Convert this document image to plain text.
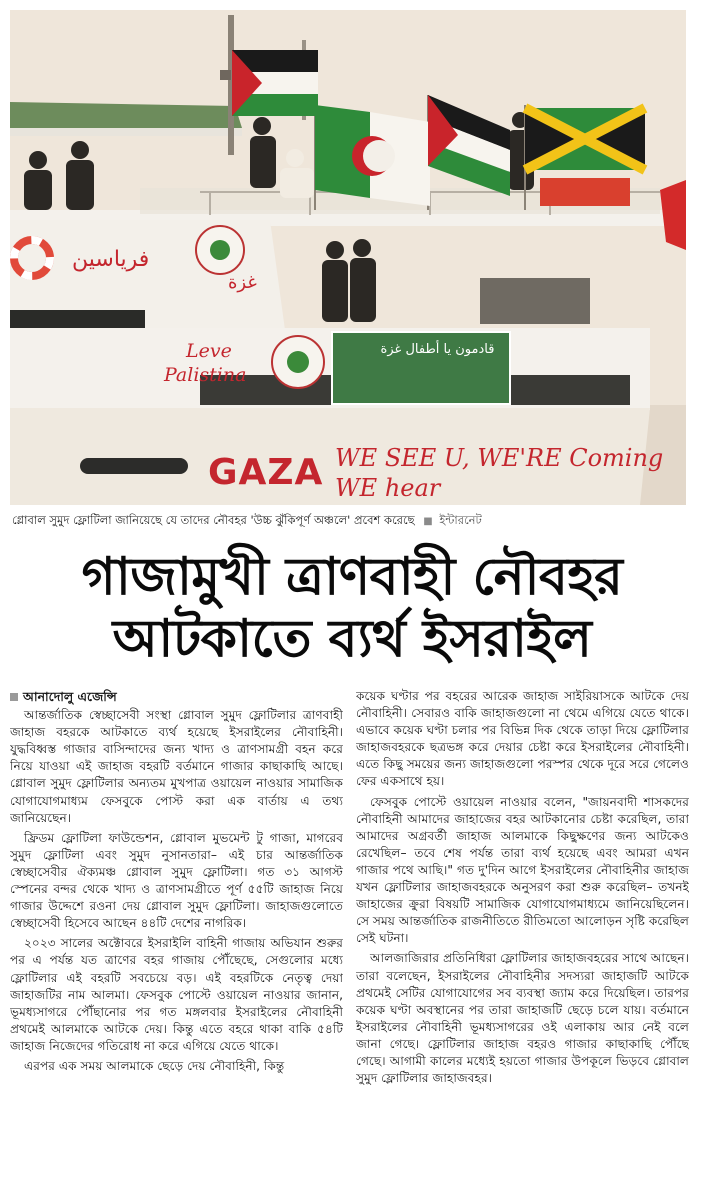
فرياسين
غزة
Leve
Palistina
قادمون يا أطفال غزة
GAZA WE SEE U, WE'RE Coming
WE hear
গ্লোবাল সুমুদ ফ্লোটিলা জানিয়েছে যে তাদের নৌবহর 'উচ্চ ঝুঁকিপূর্ণ অঞ্চলে' প্রবেশ করেছে ■ ইন্টারনেট
গাজামুখী ত্রাণবাহী নৌবহর
আটকাতে ব্যর্থ ইসরাইল
আনাদোলু এজেন্সি

আন্তর্জাতিক স্বেচ্ছাসেবী সংস্থা গ্লোবাল সুমুদ ফ্লোটিলার ত্রাণবাহী জাহাজ বহরকে আটকাতে ব্যর্থ হয়েছে ইসরাইলের নৌবাহিনী। যুদ্ধবিধ্বস্ত গাজার বাসিন্দাদের জন্য খাদ্য ও ত্রাণসামগ্রী বহন করে নিয়ে যাওয়া এই জাহাজ বহরটি বর্তমানে গাজার কাছাকাছি আছে। গ্লোবাল সুমুদ ফ্লোটিলার অন্যতম মুখপাত্র ওয়ায়েল নাওয়ার সামাজিক যোগাযোগমাধ্যম ফেসবুকে পোস্ট করা এক বার্তায় এ তথ্য জানিয়েছেন।

ফ্রিডম ফ্লোটিলা ফাউন্ডেশন, গ্লোবাল মুভমেন্ট টু গাজা, মাগরেব সুমুদ ফ্লোটিলা এবং সুমুদ নুসানতারা– এই চার আন্তর্জাতিক স্বেচ্ছাসেবীর ঐক্যমঞ্চ গ্লোবাল সুমুদ ফ্লোটিলা। গত ৩১ আগস্ট স্পেনের বন্দর থেকে খাদ্য ও ত্রাণসামগ্রীতে পূর্ণ ৫৫টি জাহাজ নিয়ে গাজার উদ্দেশে রওনা দেয় গ্লোবাল সুমুদ ফ্লোটিলা। জাহাজগুলোতে স্বেচ্ছাসেবী হিসেবে আছেন ৪৪টি দেশের নাগরিক।

২০২৩ সালের অক্টোবরে ইসরাইলি বাহিনী গাজায় অভিযান শুরুর পর এ পর্যন্ত যত ত্রাণের বহর গাজায় পৌঁছেছে, সেগুলোর মধ্যে ফ্লোটিলার এই বহরটি সবচেয়ে বড়। এই বহরটিকে নেতৃত্ব দেয়া জাহাজটির নাম আলমা। ফেসবুক পোস্টে ওয়ায়েল নাওয়ার জানান, ভূমধ্যসাগরে পৌঁছানোর পর গত মঙ্গলবার ইসরাইলের নৌবাহিনী প্রথমেই আলমাকে আটকে দেয়। কিন্তু এতে বহরে থাকা বাকি ৫৪টি জাহাজ নিজেদের গতিরোধ না করে এগিয়ে যেতে থাকে।

এরপর এক সময় আলমাকে ছেড়ে দেয় নৌবাহিনী, কিন্তু

কয়েক ঘণ্টার পর বহরের আরেক জাহাজ সাইরিয়াসকে আটকে দেয় নৌবাহিনী। সেবারও বাকি জাহাজগুলো না থেমে এগিয়ে যেতে থাকে। এভাবে কয়েক ঘণ্টা চলার পর বিভিন্ন দিক থেকে তাড়া দিয়ে ফ্লোটিলার জাহাজবহরকে ছত্রভঙ্গ করে দেয়ার চেষ্টা করে ইসরাইলের নৌবাহিনী। এতে কিছু সময়ের জন্য জাহাজগুলো পরস্পর থেকে দূরে সরে গেলেও ফের একসাথে হয়।

ফেসবুক পোস্টে ওয়ায়েল নাওয়ার বলেন, "জায়নবাদী শাসকদের নৌবাহিনী আমাদের জাহাজের বহর আটকানোর চেষ্টা করেছিল, তারা আমাদের অগ্রবর্তী জাহাজ আলমাকে কিছুক্ষণের জন্য আটকেও রেখেছিল– তবে শেষ পর্যন্ত তারা ব্যর্থ হয়েছে এবং আমরা এখন গাজার পথে আছি।" গত দু'দিন আগে ইসরাইলের নৌবাহিনীর জাহাজ যখন ফ্লোটিলার জাহাজবহরকে অনুসরণ করা শুরু করেছিল– তখনই জাহাজের ক্রুরা বিষয়টি সামাজিক যোগাযোগমাধ্যমে জানিয়েছিলেন। সে সময় আন্তর্জাতিক রাজনীতিতে রীতিমতো আলোড়ন সৃষ্টি করেছিল সেই ঘটনা।

আলজাজিরার প্রতিনিধিরা ফ্লোটিলার জাহাজবহরের সাথে আছেন। তারা বলেছেন, ইসরাইলের নৌবাহিনীর সদস্যরা জাহাজটি আটকে প্রথমেই সেটির যোগাযোগের সব ব্যবস্থা জ্যাম করে দিয়েছিল। তারপর কয়েক ঘণ্টা অবস্থানের পর তারা জাহাজটি ছেড়ে চলে যায়। বর্তমানে ইসরাইলের নৌবাহিনী ভূমধ্যসাগরের ওই এলাকায় আর নেই বলে জানা গেছে। ফ্লোটিলার জাহাজ বহরও গাজার কাছাকাছি পৌঁছে গেছে। আগামী কালের মধ্যেই হয়তো গাজার উপকূলে ভিড়বে গ্লোবাল সুমুদ ফ্লোটিলার জাহাজবহর।
